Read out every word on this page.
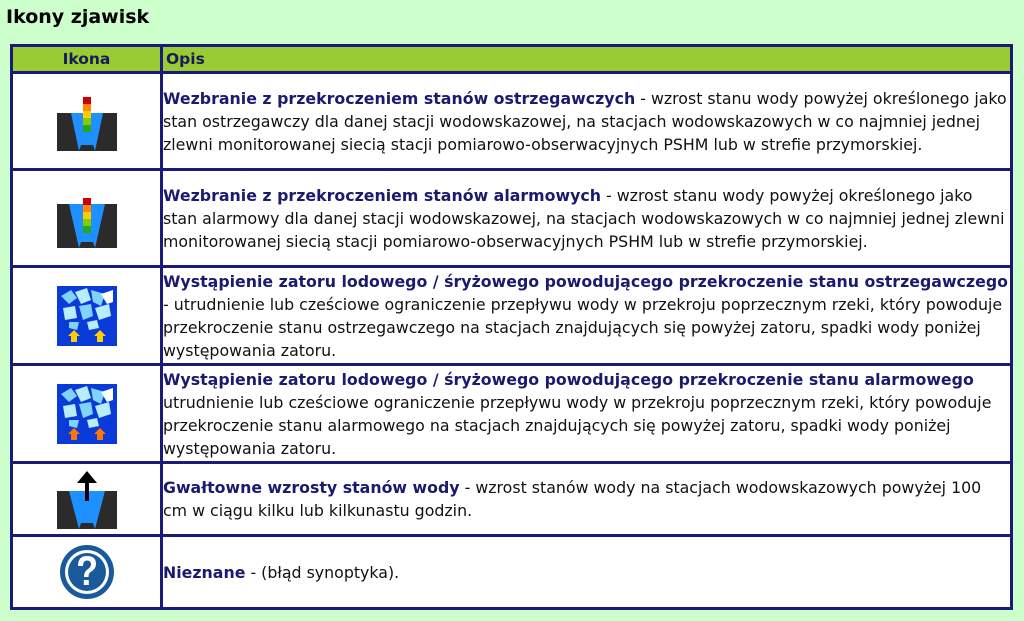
Ikony zjawisk
Ikona	Opis

	Wezbranie z przekroczeniem stanów ostrzegawczych - wzrost stanu wody powyżej określonego jako stan ostrzegawczy dla danej stacji wodowskazowej, na stacjach wodowskazowych w co najmniej jednej zlewni monitorowanej siecią stacji pomiarowo-obserwacyjnych PSHM lub w strefie przymorskiej.

	Wezbranie z przekroczeniem stanów alarmowych - wzrost stanu wody powyżej określonego jako stan alarmowy dla danej stacji wodowskazowej, na stacjach wodowskazowych w co najmniej jednej zlewni monitorowanej siecią stacji pomiarowo-obserwacyjnych PSHM lub w strefie przymorskiej.

	Wystąpienie zatoru lodowego / śryżowego powodującego przekroczenie stanu ostrzegawczego - utrudnienie lub cześciowe ograniczenie przepływu wody w przekroju poprzecznym rzeki, który powoduje przekroczenie stanu ostrzegawczego na stacjach znajdujących się powyżej zatoru, spadki wody poniżej występowania zatoru.

	Wystąpienie zatoru lodowego / śryżowego powodującego przekroczenie stanu alarmowego utrudnienie lub cześciowe ograniczenie przepływu wody w przekroju poprzecznym rzeki, który powoduje przekroczenie stanu alarmowego na stacjach znajdujących się powyżej zatoru, spadki wody poniżej występowania zatoru.

	Gwałtowne wzrosty stanów wody - wzrost stanów wody na stacjach wodowskazowych powyżej 100 cm w ciągu kilku lub kilkunastu godzin.

	Nieznane - (błąd synoptyka).
